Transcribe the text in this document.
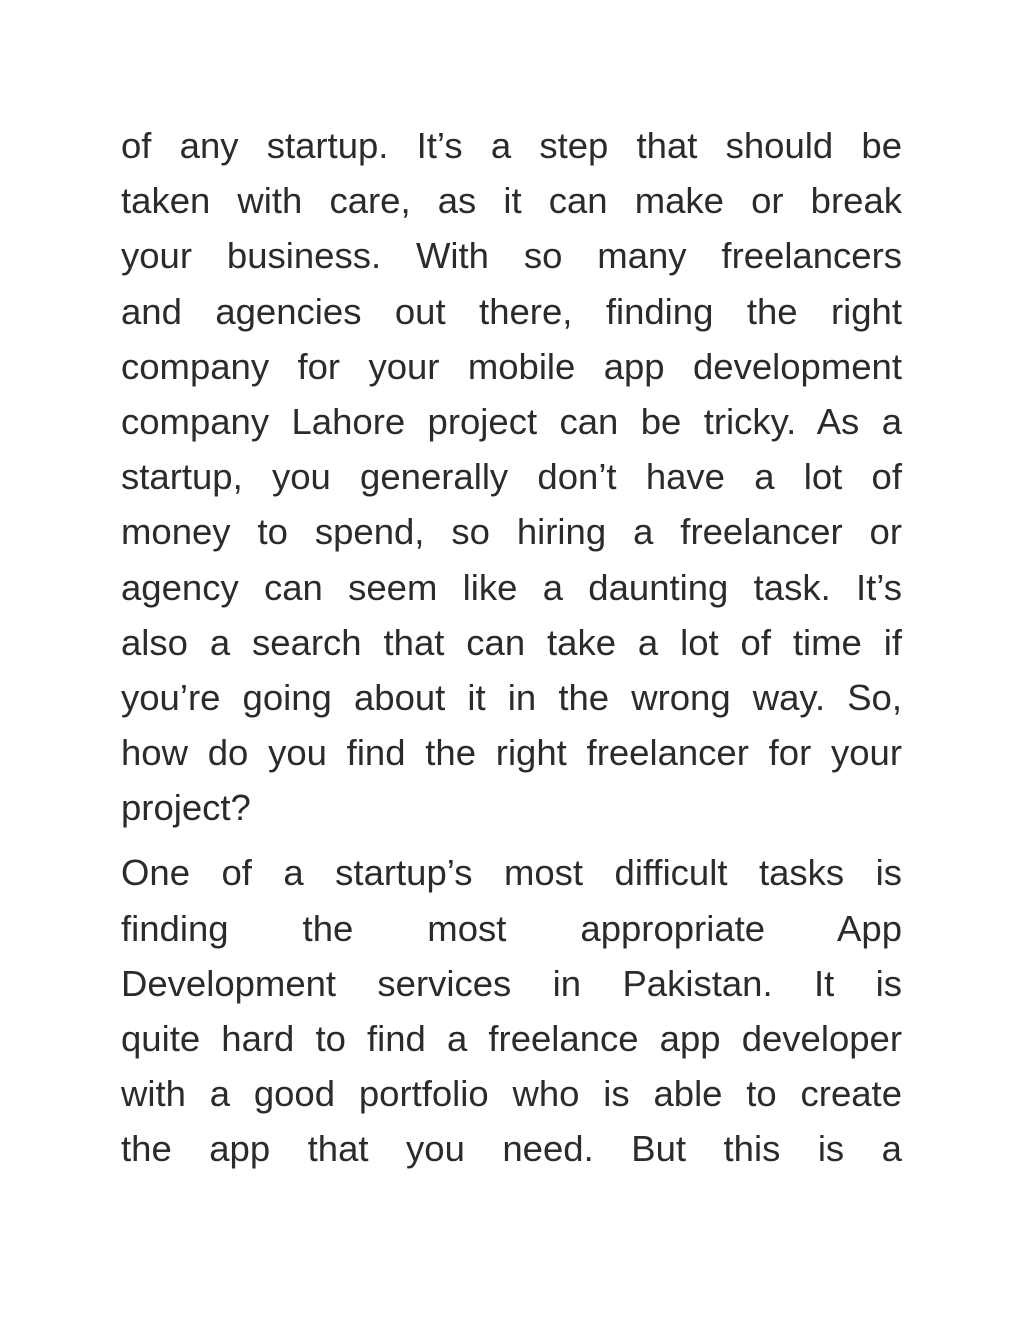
of any startup. It’s a step that should be
taken with care, as it can make or break
your business. With so many freelancers
and agencies out there, finding the right
company for your mobile app development
company Lahore project can be tricky. As a
startup, you generally don’t have a lot of
money to spend, so hiring a freelancer or
agency can seem like a daunting task. It’s
also a search that can take a lot of time if
you’re going about it in the wrong way. So,
how do you find the right freelancer for your
project?
One of a startup’s most difficult tasks is
finding the most appropriate App
Development services in Pakistan. It is
quite hard to find a freelance app developer
with a good portfolio who is able to create
the app that you need. But this is a
